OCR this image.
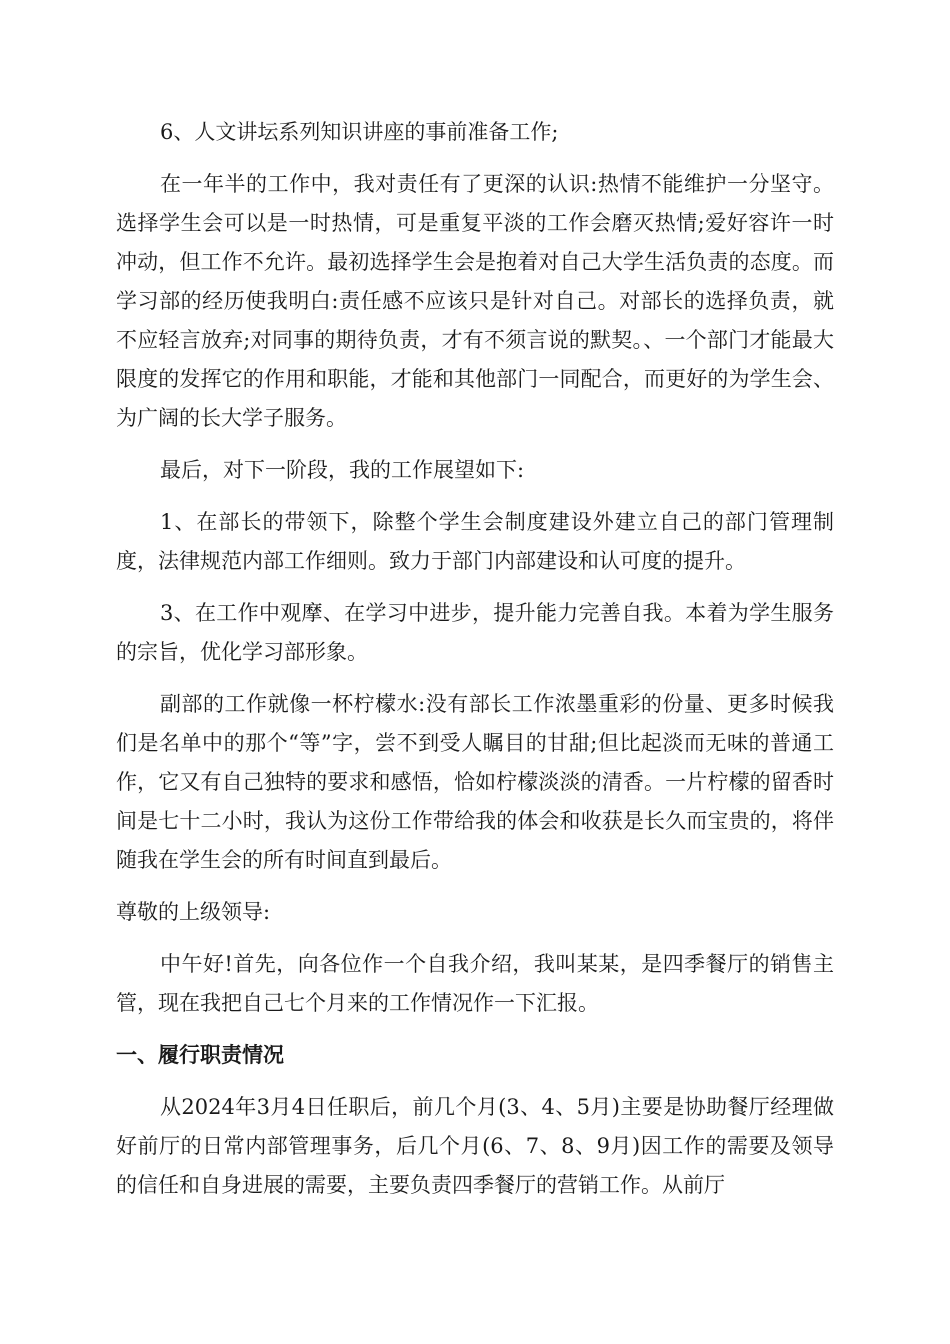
6、人文讲坛系列知识讲座的事前准备工作;

在一年半的工作中，我对责任有了更深的认识:热情不能维护一分坚守。选择学生会可以是一时热情，可是重复平淡的工作会磨灭热情;爱好容许一时冲动，但工作不允许。最初选择学生会是抱着对自己大学生活负责的态度。而学习部的经历使我明白:责任感不应该只是针对自己。对部长的选择负责，就不应轻言放弃;对同事的期待负责，才有不须言说的默契。、一个部门才能最大限度的发挥它的作用和职能，才能和其他部门一同配合，而更好的为学生会、为广阔的长大学子服务。

最后，对下一阶段，我的工作展望如下:

1、在部长的带领下，除整个学生会制度建设外建立自己的部门管理制度，法律规范内部工作细则。致力于部门内部建设和认可度的提升。

3、在工作中观摩、在学习中进步，提升能力完善自我。本着为学生服务的宗旨，优化学习部形象。

副部的工作就像一杯柠檬水:没有部长工作浓墨重彩的份量、更多时候我们是名单中的那个“等”字，尝不到受人瞩目的甘甜;但比起淡而无味的普通工作，它又有自己独特的要求和感悟，恰如柠檬淡淡的清香。一片柠檬的留香时间是七十二小时，我认为这份工作带给我的体会和收获是长久而宝贵的，将伴随我在学生会的所有时间直到最后。

尊敬的上级领导:

中午好!首先，向各位作一个自我介绍，我叫某某，是四季餐厅的销售主管，现在我把自己七个月来的工作情况作一下汇报。

一、履行职责情况

从2024年3月4日任职后，前几个月(3、4、5月)主要是协助餐厅经理做好前厅的日常内部管理事务，后几个月(6、7、8、9月)因工作的需要及领导的信任和自身进展的需要，主要负责四季餐厅的营销工作。从前厅
